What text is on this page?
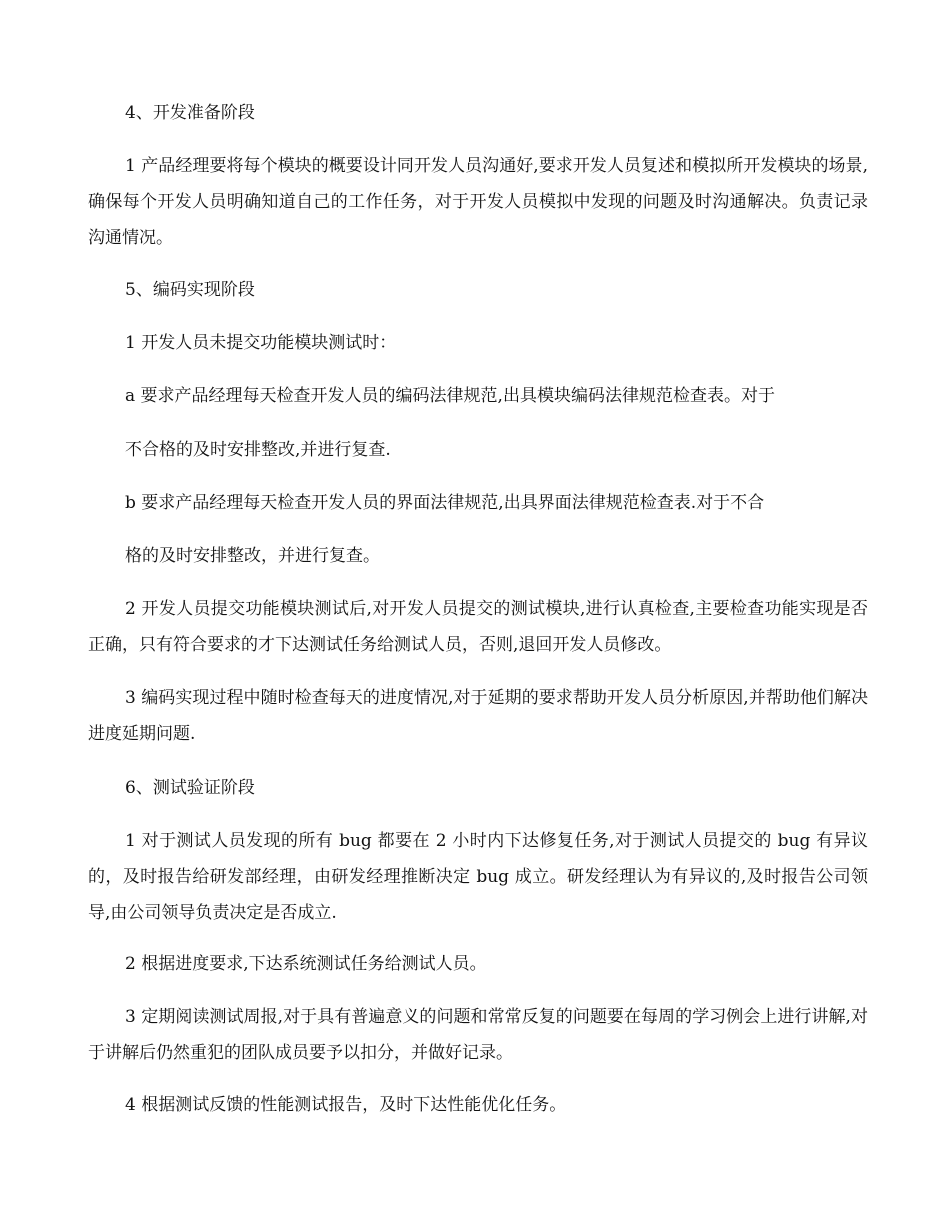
4、开发准备阶段

1 产品经理要将每个模块的概要设计同开发人员沟通好,要求开发人员复述和模拟所开发模块的场景,确保每个开发人员明确知道自己的工作任务，对于开发人员模拟中发现的问题及时沟通解决。负责记录沟通情况。

5、编码实现阶段

1 开发人员未提交功能模块测试时：

a 要求产品经理每天检查开发人员的编码法律规范,出具模块编码法律规范检查表。对于

不合格的及时安排整改,并进行复查.

b 要求产品经理每天检查开发人员的界面法律规范,出具界面法律规范检查表.对于不合

格的及时安排整改，并进行复查。

2 开发人员提交功能模块测试后,对开发人员提交的测试模块,进行认真检查,主要检查功能实现是否正确，只有符合要求的才下达测试任务给测试人员，否则,退回开发人员修改。

3 编码实现过程中随时检查每天的进度情况,对于延期的要求帮助开发人员分析原因,并帮助他们解决进度延期问题.

6、测试验证阶段

1 对于测试人员发现的所有 bug 都要在 2 小时内下达修复任务,对于测试人员提交的 bug 有异议的，及时报告给研发部经理，由研发经理推断决定 bug 成立。研发经理认为有异议的,及时报告公司领导,由公司领导负责决定是否成立.

2 根据进度要求,下达系统测试任务给测试人员。

3 定期阅读测试周报,对于具有普遍意义的问题和常常反复的问题要在每周的学习例会上进行讲解,对于讲解后仍然重犯的团队成员要予以扣分，并做好记录。

4 根据测试反馈的性能测试报告，及时下达性能优化任务。
